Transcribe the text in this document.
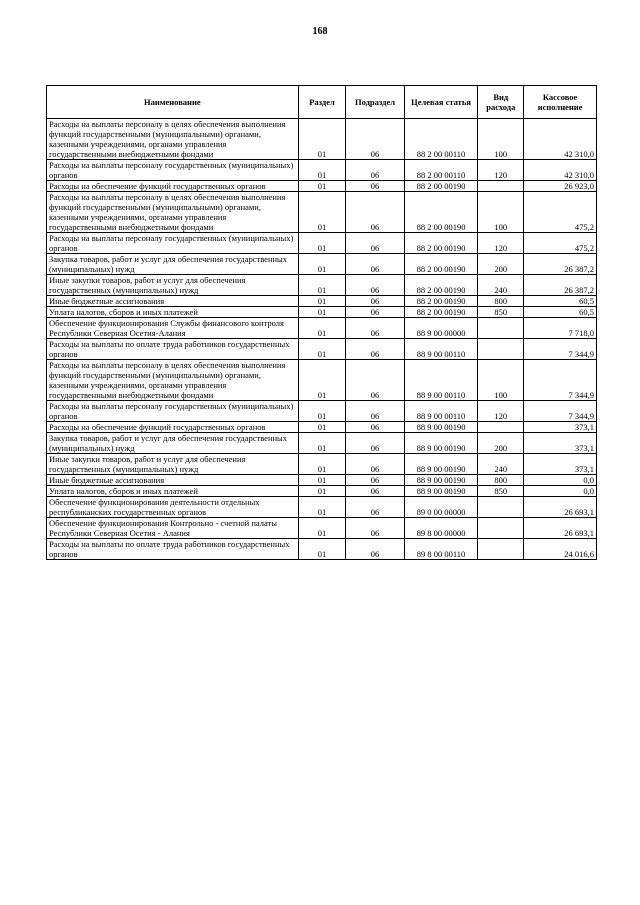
168
Наименование	Раздел	Подраздел	Целевая статья	Вид расхода	Кассовое исполнение
Расходы на выплаты персоналу в целях обеспечения выполнения функций государственными (муниципальными) органами, казенными учреждениями, органами управления государственными внебюджетными фондами	01	06	88 2 00 00110	100	42 310,0
Расходы на выплаты персоналу государственных (муниципальных) органов	01	06	88 2 00 00110	120	42 310,0
Расходы на обеспечение функций государственных органов	01	06	88 2 00 00190		26 923,0
Расходы на выплаты персоналу в целях обеспечения выполнения функций государственными (муниципальными) органами, казенными учреждениями, органами управления государственными внебюджетными фондами	01	06	88 2 00 00190	100	475,2
Расходы на выплаты персоналу государственных (муниципальных) органов	01	06	88 2 00 00190	120	475,2
Закупка товаров, работ и услуг для обеспечения государственных (муниципальных) нужд	01	06	88 2 00 00190	200	26 387,2
Иные закупки товаров, работ и услуг для обеспечения государственных (муниципальных) нужд	01	06	88 2 00 00190	240	26 387,2
Иные бюджетные ассигнования	01	06	88 2 00 00190	800	60,5
Уплата налогов, сборов и иных платежей	01	06	88 2 00 00190	850	60,5
Обеспечение функционирования Службы финансового контроля Республики Северная Осетия-Алания	01	06	88 9 00 00000		7 718,0
Расходы на выплаты по оплате труда работников государственных органов	01	06	88 9 00 00110		7 344,9
Расходы на выплаты персоналу в целях обеспечения выполнения функций государственными (муниципальными) органами, казенными учреждениями, органами управления государственными внебюджетными фондами	01	06	88 9 00 00110	100	7 344,9
Расходы на выплаты персоналу государственных (муниципальных) органов	01	06	88 9 00 00110	120	7 344,9
Расходы на обеспечение функций государственных органов	01	06	88 9 00 00190		373,1
Закупка товаров, работ и услуг для обеспечения государственных (муниципальных) нужд	01	06	88 9 00 00190	200	373,1
Иные закупки товаров, работ и услуг для обеспечения государственных (муниципальных) нужд	01	06	88 9 00 00190	240	373,1
Иные бюджетные ассигнования	01	06	88 9 00 00190	800	0,0
Уплата налогов, сборов и иных платежей	01	06	88 9 00 00190	850	0,0
Обеспечение функционирования деятельности отдельных республиканских государственных органов	01	06	89 0 00 00000		26 693,1
Обеспечение функционирования Контрольно - счетной палаты Республики Северная Осетия - Алания	01	06	89 8 00 00000		26 693,1
Расходы на выплаты по оплате труда работников государственных органов	01	06	89 8 00 00110		24 016,6
